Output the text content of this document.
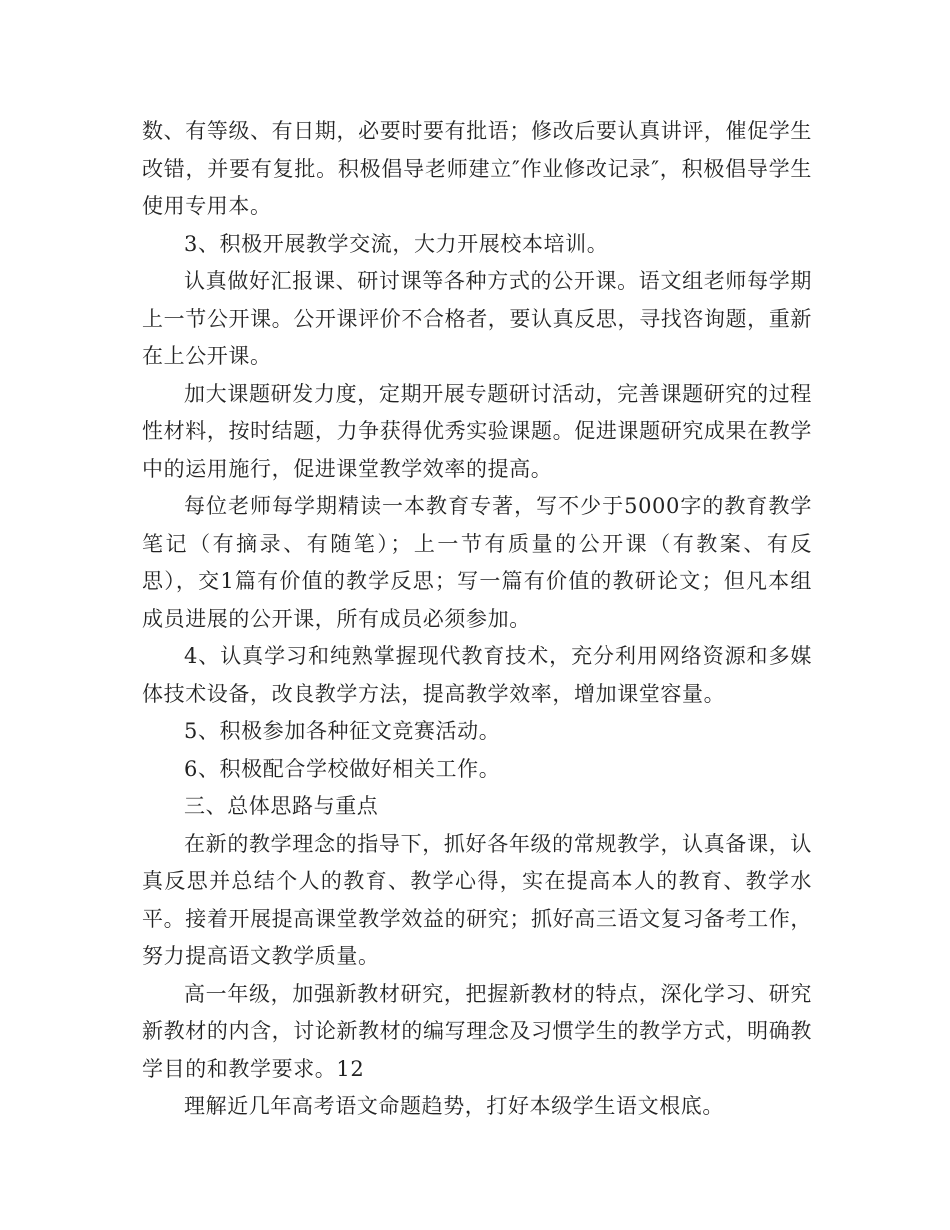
数、有等级、有日期，必要时要有批语；修改后要认真讲评，催促学生改错，并要有复批。积极倡导老师建立″作业修改记录″，积极倡导学生使用专用本。

3、积极开展教学交流，大力开展校本培训。

认真做好汇报课、研讨课等各种方式的公开课。语文组老师每学期上一节公开课。公开课评价不合格者，要认真反思，寻找咨询题，重新在上公开课。

加大课题研发力度，定期开展专题研讨活动，完善课题研究的过程性材料，按时结题，力争获得优秀实验课题。促进课题研究成果在教学中的运用施行，促进课堂教学效率的提高。

每位老师每学期精读一本教育专著，写不少于5000字的教育教学笔记（有摘录、有随笔）；上一节有质量的公开课（有教案、有反思），交1篇有价值的教学反思；写一篇有价值的教研论文；但凡本组成员进展的公开课，所有成员必须参加。

4、认真学习和纯熟掌握现代教育技术，充分利用网络资源和多媒体技术设备，改良教学方法，提高教学效率，增加课堂容量。

5、积极参加各种征文竞赛活动。

6、积极配合学校做好相关工作。

三、总体思路与重点

在新的教学理念的指导下，抓好各年级的常规教学，认真备课，认真反思并总结个人的教育、教学心得，实在提高本人的教育、教学水平。接着开展提高课堂教学效益的研究；抓好高三语文复习备考工作，努力提高语文教学质量。

高一年级，加强新教材研究，把握新教材的特点，深化学习、研究新教材的内含，讨论新教材的编写理念及习惯学生的教学方式，明确教学目的和教学要求。12

理解近几年高考语文命题趋势，打好本级学生语文根底。
